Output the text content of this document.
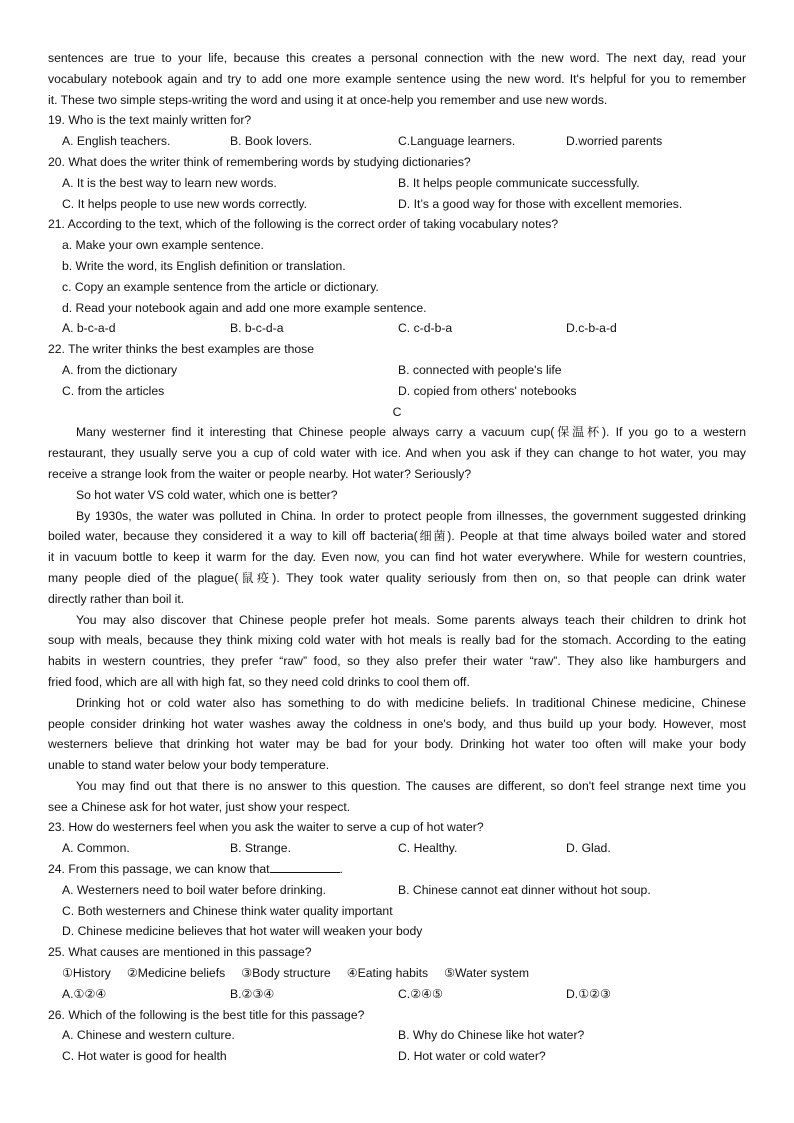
sentences are true to your life, because this creates a personal connection with the new word. The next day, read your
vocabulary notebook again and try to add one more example sentence using the new word. It's helpful for you to remember
it. These two simple steps-writing the word and using it at once-help you remember and use new words.
19. Who is the text mainly written for?
A. English teachers.	B. Book lovers.	C.Language learners.	D.worried parents
20. What does the writer think of remembering words by studying dictionaries?
A. It is the best way to learn new words.	B. It helps people communicate successfully.
C. It helps people to use new words correctly.	D. It’s a good way for those with excellent memories.
21. According to the text, which of the following is the correct order of taking vocabulary notes?
a. Make your own example sentence.
b. Write the word, its English definition or translation.
c. Copy an example sentence from the article or dictionary.
d. Read your notebook again and add one more example sentence.
A. b-c-a-d	B. b-c-d-a	C. c-d-b-a	D.c-b-a-d
22. The writer thinks the best examples are those
A. from the dictionary	B. connected with people's life
C. from the articles	D. copied from others' notebooks
C
Many westerner find it interesting that Chinese people always carry a vacuum cup(保温杯). If you go to a western
restaurant, they usually serve you a cup of cold water with ice. And when you ask if they can change to hot water, you may
receive a strange look from the waiter or people nearby. Hot water? Seriously?
So hot water VS cold water, which one is better?
By 1930s, the water was polluted in China. In order to protect people from illnesses, the government suggested drinking
boiled water, because they considered it a way to kill off bacteria(细菌). People at that time always boiled water and stored
it in vacuum bottle to keep it warm for the day. Even now, you can find hot water everywhere. While for western countries,
many people died of the plague(鼠疫). They took water quality seriously from then on, so that people can drink water
directly rather than boil it.
You may also discover that Chinese people prefer hot meals. Some parents always teach their children to drink hot
soup with meals, because they think mixing cold water with hot meals is really bad for the stomach. According to the eating
habits in western countries, they prefer “raw” food, so they also prefer their water “raw”. They also like hamburgers and
fried food, which are all with high fat, so they need cold drinks to cool them off.
Drinking hot or cold water also has something to do with medicine beliefs. In traditional Chinese medicine, Chinese
people consider drinking hot water washes away the coldness in one's body, and thus build up your body. However, most
westerners believe that drinking hot water may be bad for your body. Drinking hot water too often will make your body
unable to stand water below your body temperature.
You may find out that there is no answer to this question. The causes are different, so don't feel strange next time you
see a Chinese ask for hot water, just show your respect.
23. How do westerners feel when you ask the waiter to serve a cup of hot water?
A. Common.	B. Strange.	C. Healthy.	D. Glad.
24. From this passage, we can know that	.
A. Westerners need to boil water before drinking.	B. Chinese cannot eat dinner without hot soup.
C. Both westerners and Chinese think water quality important
D. Chinese medicine believes that hot water will weaken your body
25. What causes are mentioned in this passage?
①History ②Medicine beliefs ③Body structure ④Eating habits ⑤Water system
A.①②④	B.②③④	C.②④⑤	D.①②③
26. Which of the following is the best title for this passage?
A. Chinese and western culture.	B. Why do Chinese like hot water?
C. Hot water is good for health	D. Hot water or cold water?
